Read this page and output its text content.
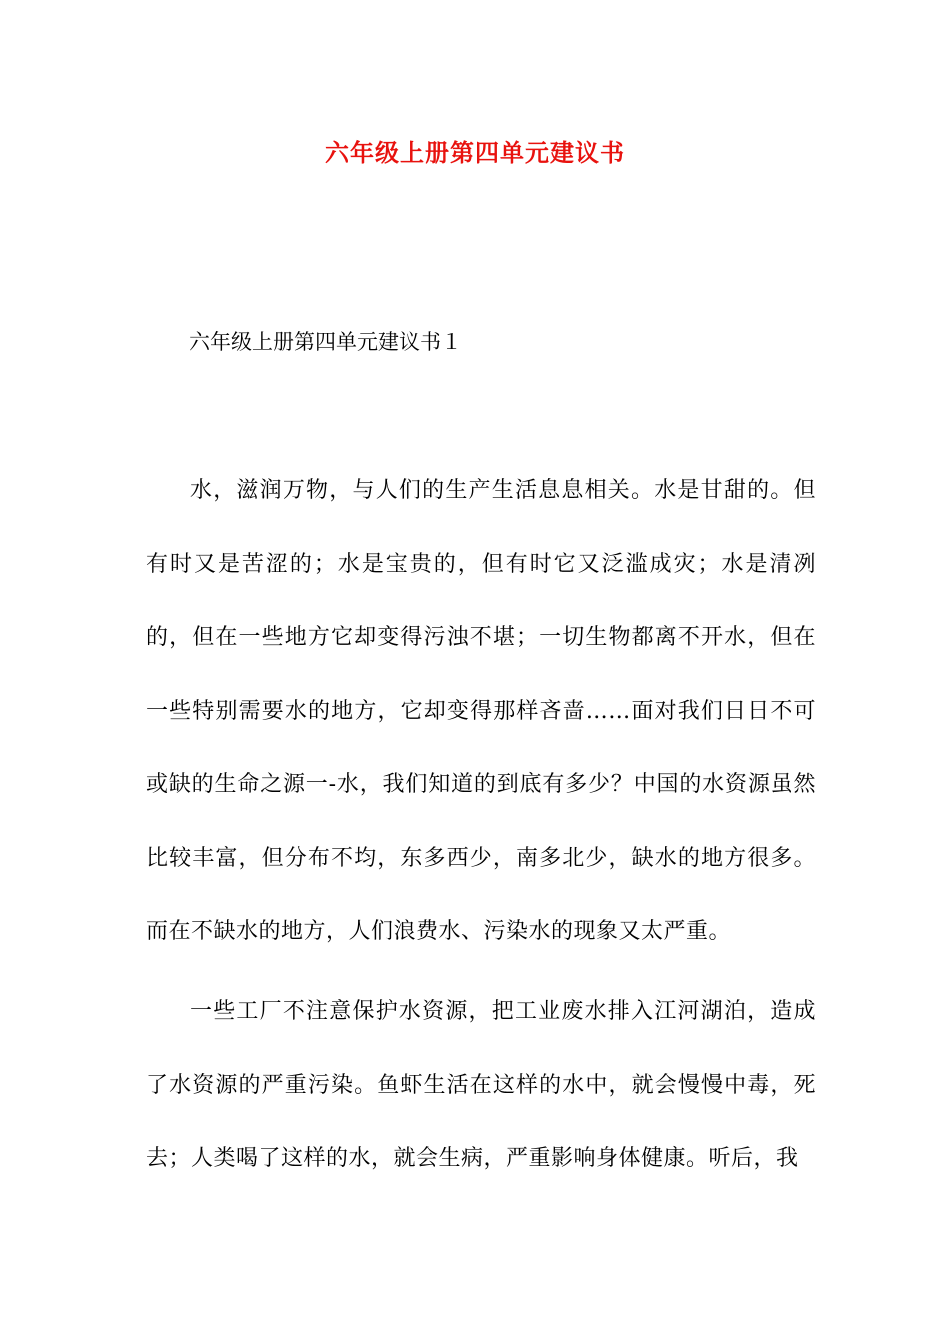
六年级上册第四单元建议书

六年级上册第四单元建议书１

水，滋润万物，与人们的生产生活息息相关。水是甘甜的。但有时又是苦涩的；水是宝贵的，但有时它又泛滥成灾；水是清冽的，但在一些地方它却变得污浊不堪；一切生物都离不开水，但在一些特别需要水的地方，它却变得那样吝啬……面对我们日日不可或缺的生命之源一-水，我们知道的到底有多少？中国的水资源虽然比较丰富，但分布不均，东多西少，南多北少，缺水的地方很多。而在不缺水的地方，人们浪费水、污染水的现象又太严重。

一些工厂不注意保护水资源，把工业废水排入江河湖泊，造成了水资源的严重污染。鱼虾生活在这样的水中，就会慢慢中毒，死去；人类喝了这样的水，就会生病，严重影响身体健康。听后，我
